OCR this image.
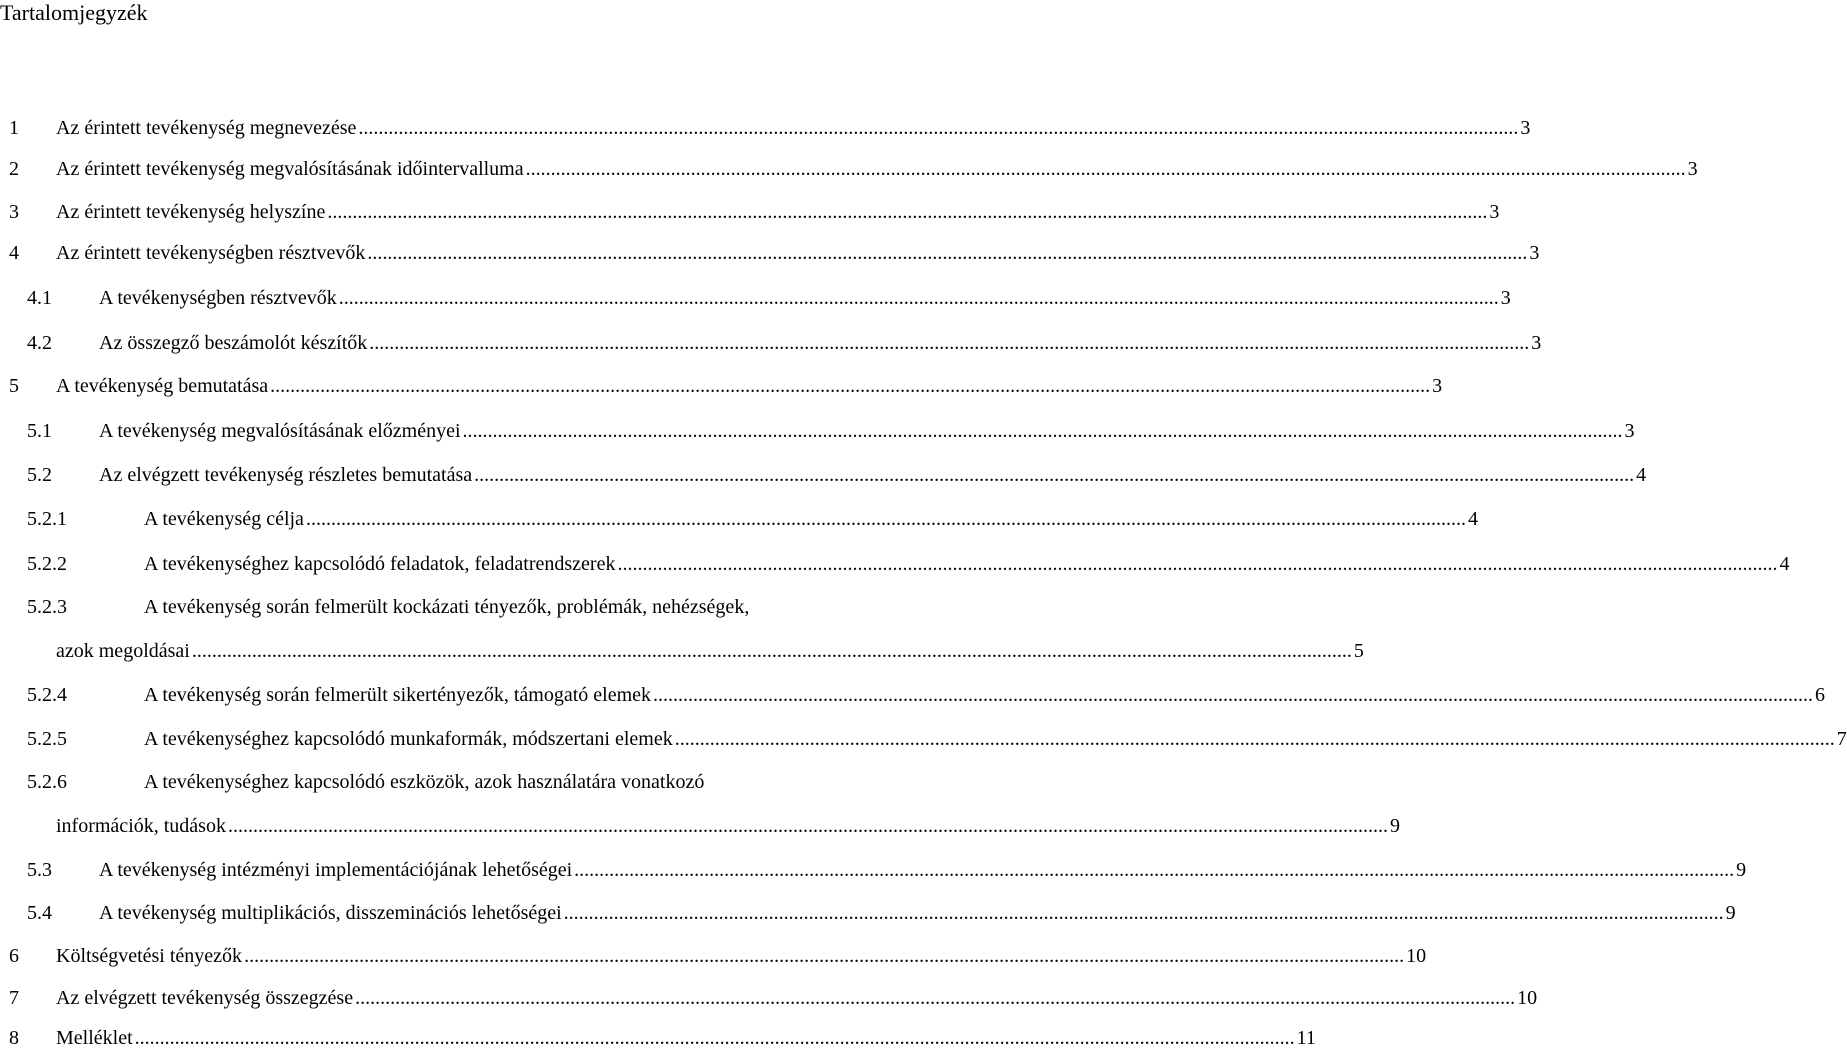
Tartalomjegyzék
1 Az érintett tevékenység megnevezése .....	3
2 Az érintett tevékenység megvalósításának időintervalluma .....	3
3 Az érintett tevékenység helyszíne .....	3
4 Az érintett tevékenységben résztvevők .....	3
4.1 A tevékenységben résztvevők .....	3
4.2 Az összegző beszámolót készítők .....	3
5 A tevékenység bemutatása .....	3
5.1 A tevékenység megvalósításának előzményei .....	3
5.2 Az elvégzett tevékenység részletes bemutatása .....	4
5.2.1	A tevékenység célja .....	4
5.2.2	A tevékenységhez kapcsolódó feladatok, feladatrendszerek .....	4
5.2.3	A tevékenység során felmerült kockázati tényezők, problémák, nehézségek,
azok megoldásai .....	5
5.2.4	A tevékenység során felmerült sikertényezők, támogató elemek .....	6
5.2.5	A tevékenységhez kapcsolódó munkaformák, módszertani elemek .....	7
5.2.6	A tevékenységhez kapcsolódó eszközök, azok használatára vonatkozó
információk, tudások .....	9
5.3 A tevékenység intézményi implementációjának lehetőségei .....	9
5.4 A tevékenység multiplikációs, disszeminációs lehetőségei .....	9
6 Költségvetési tényezők .....	10
7 Az elvégzett tevékenység összegzése .....	10
8 Melléklet .....	11
